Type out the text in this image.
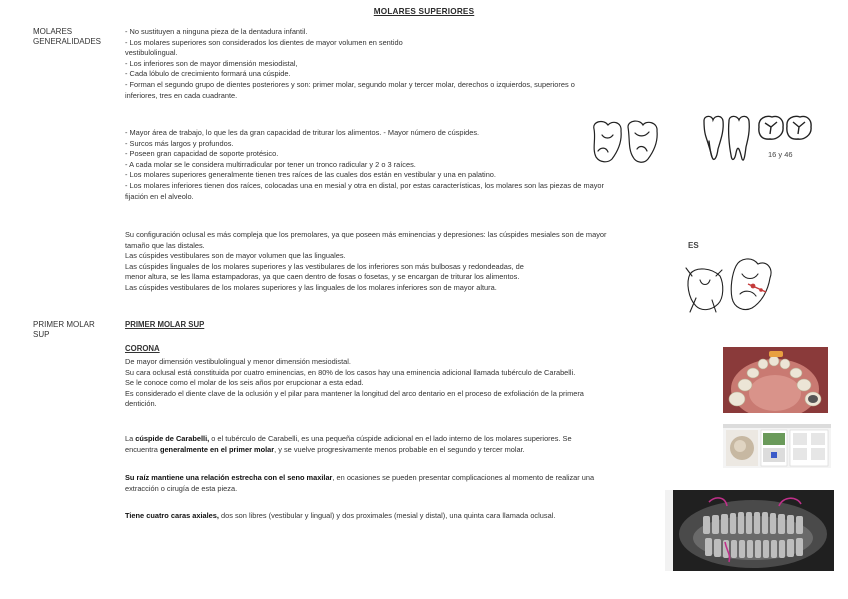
MOLARES SUPERIORES
MOLARES
GENERALIDADES
- No sustituyen a ninguna pieza de la dentadura infantil.
- Los molares superiores son considerados los dientes de mayor volumen en sentido
vestibulolingual.
- Los inferiores son de mayor dimensión mesiodistal,
- Cada lóbulo de crecimiento formará una cúspide.
- Forman el segundo grupo de dientes posteriores y son: primer molar, segundo molar y tercer molar, derechos o izquierdos, superiores o
inferiores, tres en cada cuadrante.
- Mayor área de trabajo, lo que les da gran capacidad de triturar los alimentos. - Mayor número de cúspides.
- Surcos más largos y profundos.
- Poseen gran capacidad de soporte protésico.
- A cada molar se le considera multirradicular por tener un tronco radicular y 2 o 3 raíces.
- Los molares superiores generalmente tienen tres raíces de las cuales dos están en vestibular y una en palatino.
- Los molares inferiores tienen dos raíces, colocadas una en mesial y otra en distal, por estas características, los molares son las piezas de mayor
fijación en el alveolo.
Su configuración oclusal es más compleja que los premolares, ya que poseen más eminencias y depresiones: las cúspides mesiales son de mayor
tamaño que las distales.
Las cúspides vestibulares son de mayor volumen que las linguales.
Las cúspides linguales de los molares superiores y las vestibulares de los inferiores son más bulbosas y redondeadas, de
menor altura, se les llama estampadoras, ya que caen dentro de fosas o fosetas, y se encargan de triturar los alimentos.
Las cúspides vestibulares de los molares superiores y las linguales de los molares inferiores son de mayor altura.
16 y 46
ES
PRIMER MOLAR
SUP
PRIMER MOLAR SUP
CORONA
De mayor dimensión vestibulolingual y menor dimensión mesiodistal.
Su cara oclusal está constituida por cuatro eminencias, en 80% de los casos hay una eminencia adicional llamada tubérculo de Carabelli.
Se le conoce como el molar de los seis años por erupcionar a esta edad.
Es considerado el diente clave de la oclusión y el pilar para mantener la longitud del arco dentario en el proceso de exfoliación de la primera
dentición.
La cúspide de Carabelli, o el tubérculo de Carabelli, es una pequeña cúspide adicional en el lado interno de los molares superiores. Se
encuentra generalmente en el primer molar, y se vuelve progresivamente menos probable en el segundo y tercer molar.
Su raíz mantiene una relación estrecha con el seno maxilar, en ocasiones se pueden presentar complicaciones al momento de realizar una
extracción o cirugía de esta pieza.
Tiene cuatro caras axiales, dos son libres (vestibular y lingual) y dos proximales (mesial y distal), una quinta cara llamada oclusal.
